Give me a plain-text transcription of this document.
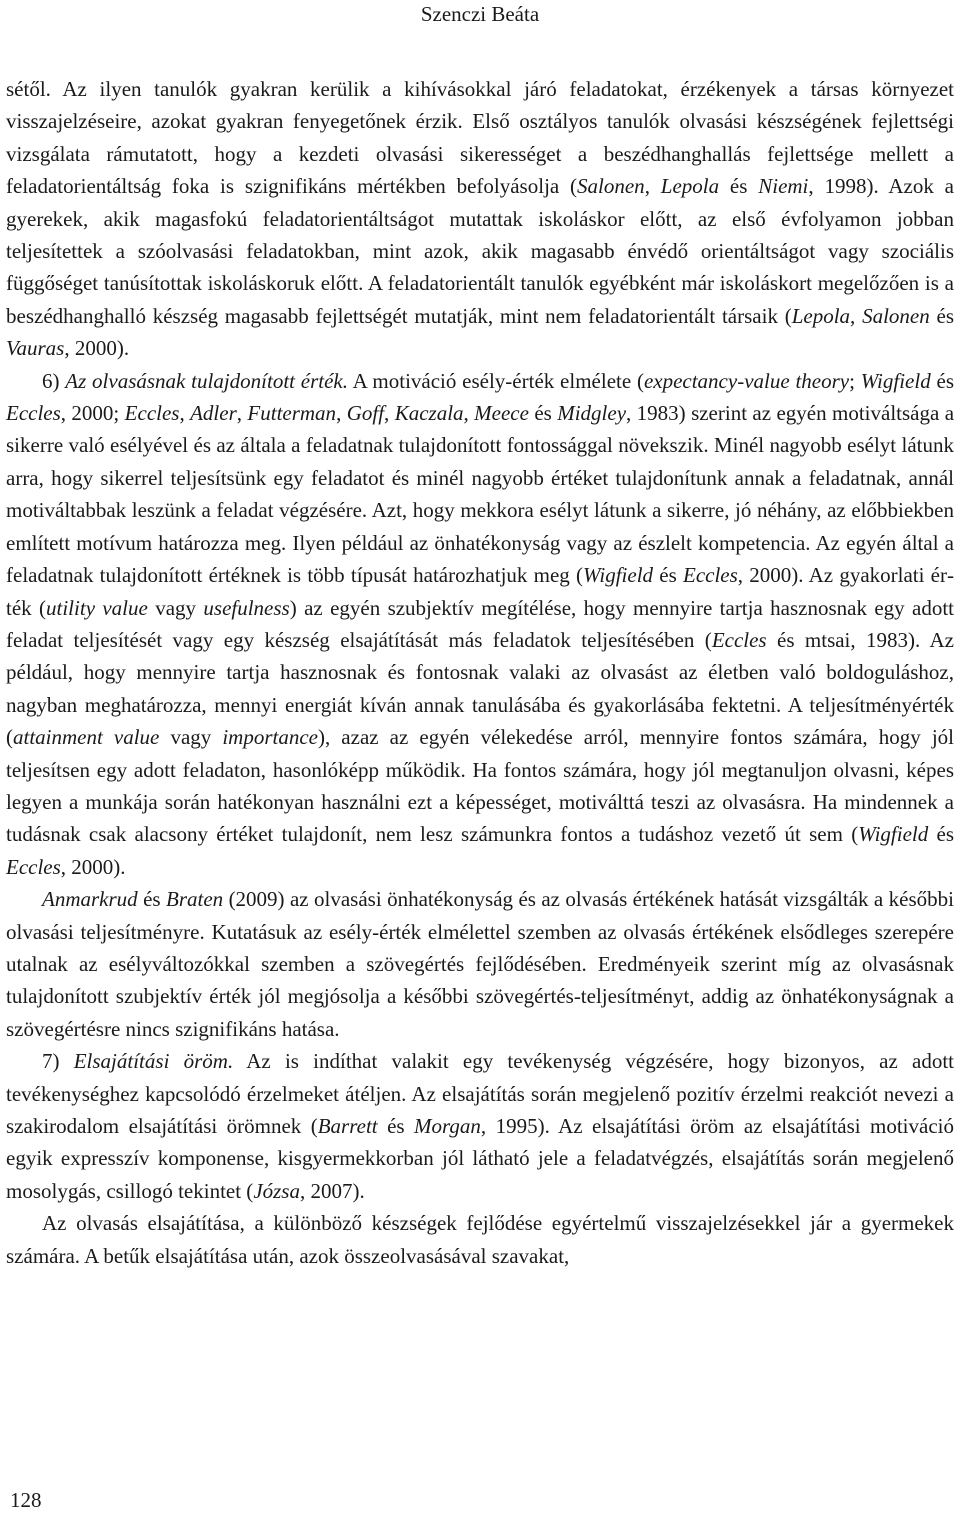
Szenczi Beáta

sétől. Az ilyen tanulók gyakran kerülik a kihívásokkal járó feladatokat, érzékenyek a társas környezet visszajelzéseire, azokat gyakran fenyegetőnek érzik. Első osztályos tanulók olvasási készségének fejlettségi vizsgálata rámutatott, hogy a kezdeti olvasási sikerességet a beszédhanghallás fejlettsége mellett a feladatorientáltság foka is szignifikáns mértékben befolyásolja (Salonen, Lepola és Niemi, 1998). Azok a gyerekek, akik magasfokú feladatorientáltságot mutattak iskoláskor előtt, az első évfolyamon jobban teljesítettek a szóolvasási feladatokban, mint azok, akik magasabb énvédő orientáltságot vagy szociális függőséget tanúsítottak iskoláskoruk előtt. A feladatorientált tanulók egyébként már iskoláskort megelőzően is a beszédhanghalló készség magasabb fejlettségét mutatják, mint nem feladatorientált társaik (Lepola, Salonen és Vauras, 2000).

6) Az olvasásnak tulajdonított érték. A motiváció esély-érték elmélete (expectancy-value theory; Wigfield és Eccles, 2000; Eccles, Adler, Futterman, Goff, Kaczala, Meece és Midgley, 1983) szerint az egyén motiváltsága a sikerre való esélyével és az általa a feladatnak tulajdonított fontossággal növekszik. Minél nagyobb esélyt látunk arra, hogy sikerrel teljesítsünk egy feladatot és minél nagyobb értéket tulajdonítunk annak a feladatnak, annál motiváltabbak leszünk a feladat végzésére. Azt, hogy mekkora esélyt látunk a sikerre, jó néhány, az előbbiekben említett motívum határozza meg. Ilyen például az önhatékonyság vagy az észlelt kompetencia. Az egyén által a feladatnak tulajdonított értéknek is több típusát határozhatjuk meg (Wigfield és Eccles, 2000). Az gyakorlati érték (utility value vagy usefulness) az egyén szubjektív megítélése, hogy mennyire tartja hasznosnak egy adott feladat teljesítését vagy egy készség elsajátítását más feladatok teljesítésében (Eccles és mtsai, 1983). Az például, hogy mennyire tartja hasznosnak és fontosnak valaki az olvasást az életben való boldoguláshoz, nagyban meghatározza, mennyi energiát kíván annak tanulásába és gyakorlásába fektetni. A teljesítményérték (attainment value vagy importance), azaz az egyén vélekedése arról, mennyire fontos számára, hogy jól teljesítsen egy adott feladaton, hasonlóképp működik. Ha fontos számára, hogy jól megtanuljon olvasni, képes legyen a munkája során hatékonyan használni ezt a képességet, motiválttá teszi az olvasásra. Ha mindennek a tudásnak csak alacsony értéket tulajdonít, nem lesz számunkra fontos a tudáshoz vezető út sem (Wigfield és Eccles, 2000).

Anmarkrud és Braten (2009) az olvasási önhatékonyság és az olvasás értékének hatását vizsgálták a későbbi olvasási teljesítményre. Kutatásuk az esély-érték elmélettel szemben az olvasás értékének elsődleges szerepére utalnak az esélyváltozókkal szemben a szövegértés fejlődésében. Eredményeik szerint míg az olvasásnak tulajdonított szubjektív érték jól megjósolja a későbbi szövegértés-teljesítményt, addig az önhatékonyságnak a szövegértésre nincs szignifikáns hatása.

7) Elsajátítási öröm. Az is indíthat valakit egy tevékenység végzésére, hogy bizonyos, az adott tevékenységhez kapcsolódó érzelmeket átéljen. Az elsajátítás során megjelenő pozitív érzelmi reakciót nevezi a szakirodalom elsajátítási örömnek (Barrett és Morgan, 1995). Az elsajátítási öröm az elsajátítási motiváció egyik expresszív komponense, kisgyermekkorban jól látható jele a feladatvégzés, elsajátítás során megjelenő mosolygás, csillogó tekintet (Józsa, 2007).

Az olvasás elsajátítása, a különböző készségek fejlődése egyértelmű visszajelzésekkel jár a gyermekek számára. A betűk elsajátítása után, azok összeolvasásával szavakat,

128
